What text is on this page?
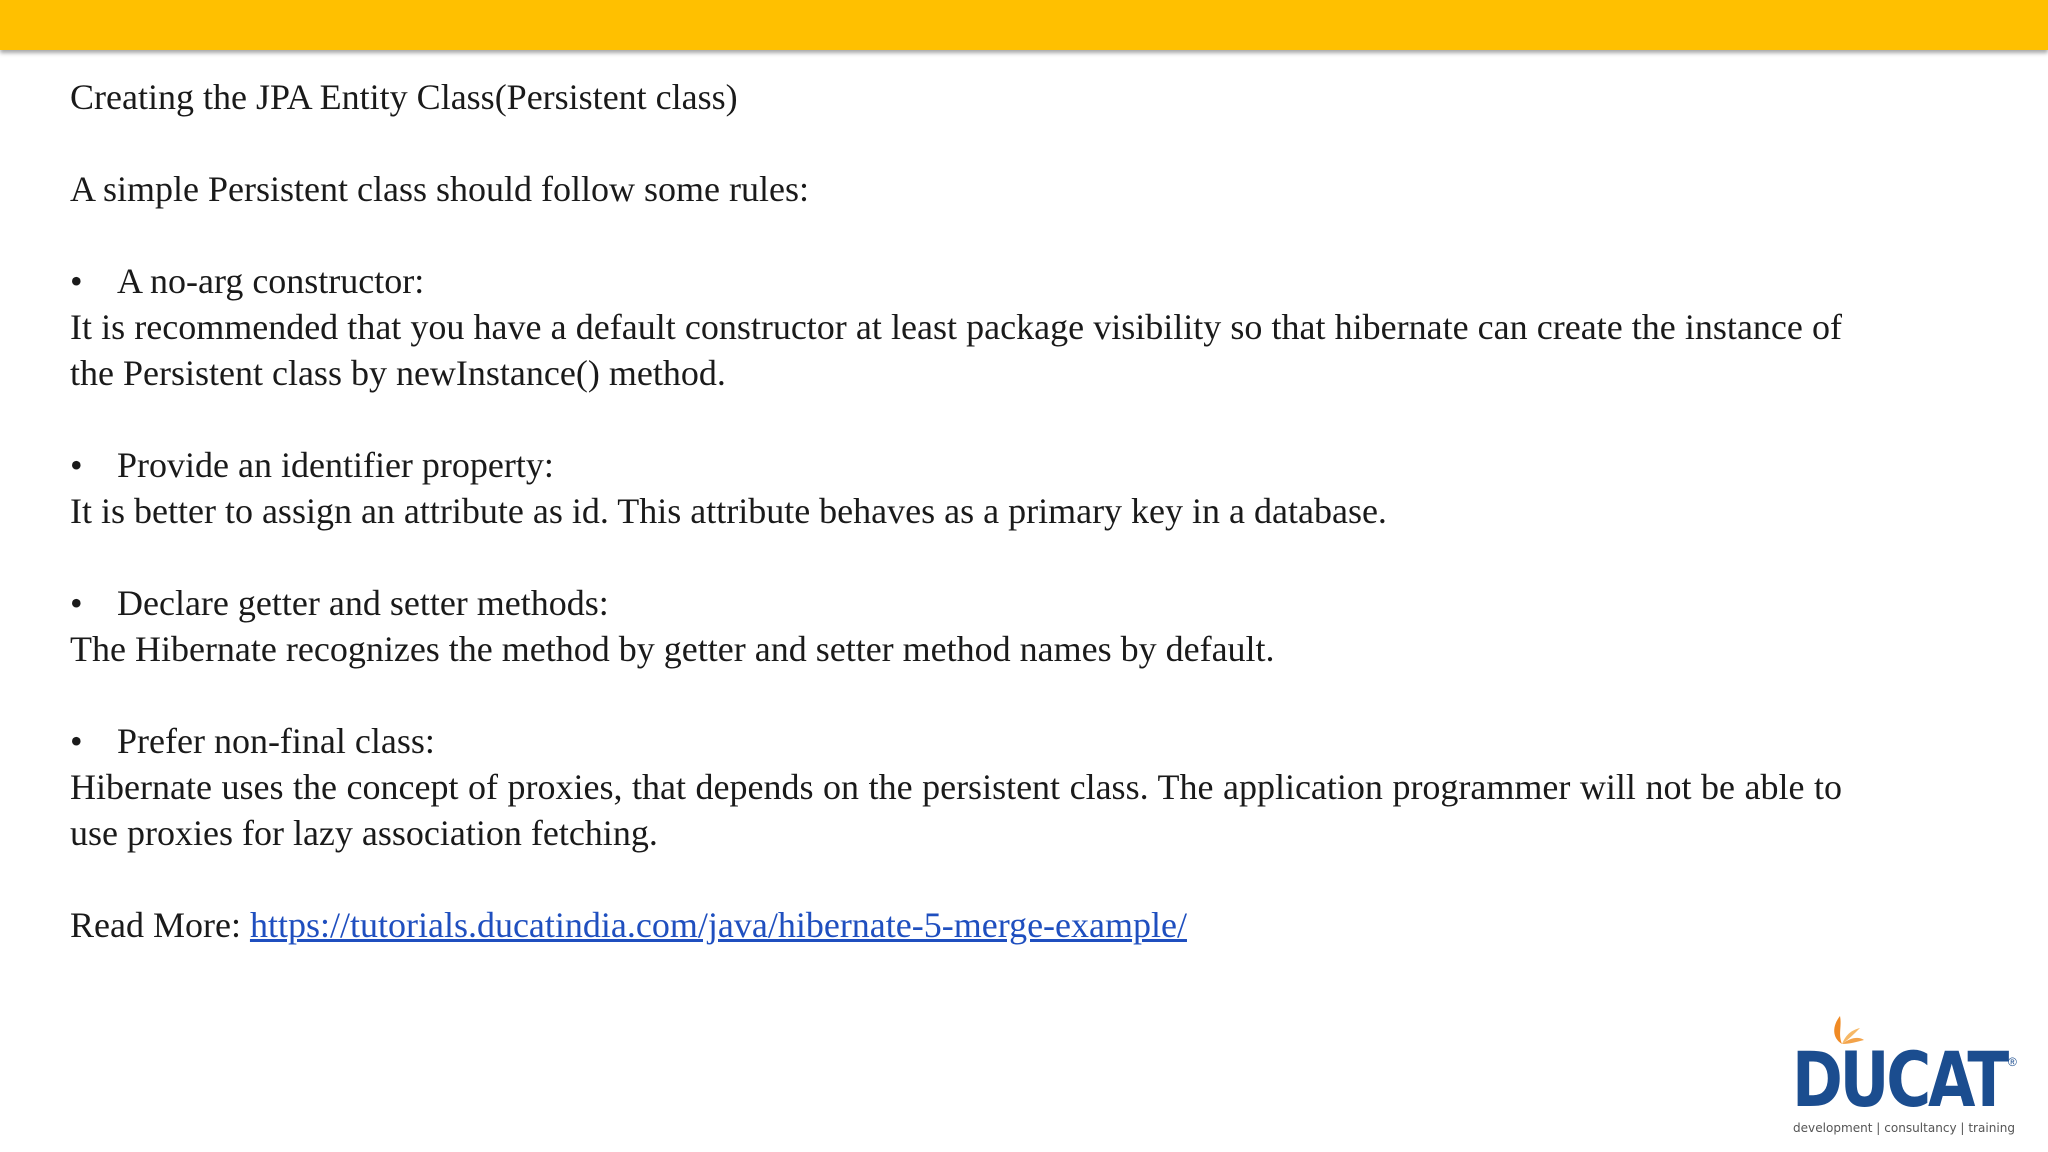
Creating the JPA Entity Class(Persistent class)
A simple Persistent class should follow some rules:
• A no-arg constructor:
It is recommended that you have a default constructor at least package visibility so that hibernate can create the instance of the Persistent class by newInstance() method.
• Provide an identifier property:
It is better to assign an attribute as id. This attribute behaves as a primary key in a database.
• Declare getter and setter methods:
The Hibernate recognizes the method by getter and setter method names by default.
• Prefer non-final class:
Hibernate uses the concept of proxies, that depends on the persistent class. The application programmer will not be able to use proxies for lazy association fetching.
Read More: https://tutorials.ducatindia.com/java/hibernate-5-merge-example/
DUCAT
®
development | consultancy | training
